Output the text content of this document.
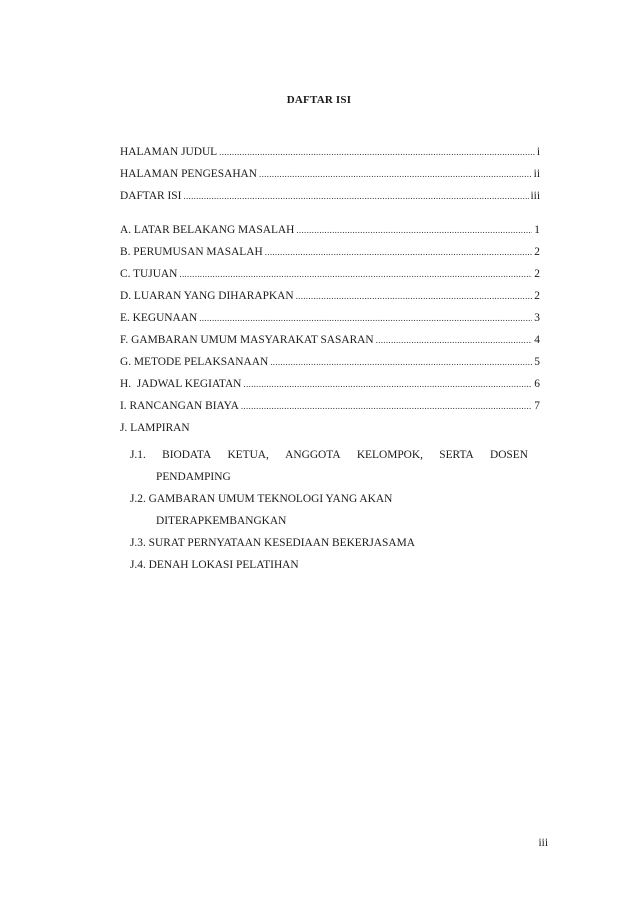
DAFTAR ISI
HALAMAN JUDUL .....	i
HALAMAN PENGESAHAN .....	ii
DAFTAR ISI .....	iii
A. LATAR BELAKANG MASALAH .....	1
B. PERUMUSAN MASALAH .....	2
C. TUJUAN .....	2
D. LUARAN YANG DIHARAPKAN .....	2
E. KEGUNAAN .....	3
F. GAMBARAN UMUM MASYARAKAT SASARAN .....	4
G. METODE PELAKSANAAN .....	5
H.  JADWAL KEGIATAN .....	6
I. RANCANGAN BIAYA .....	7
J. LAMPIRAN
J.1. BIODATA KETUA, ANGGOTA KELOMPOK, SERTA DOSEN
PENDAMPING
J.2. GAMBARAN UMUM TEKNOLOGI YANG AKAN
DITERAPKEMBANGKAN
J.3. SURAT PERNYATAAN KESEDIAAN BEKERJASAMA
J.4. DENAH LOKASI PELATIHAN
iii
